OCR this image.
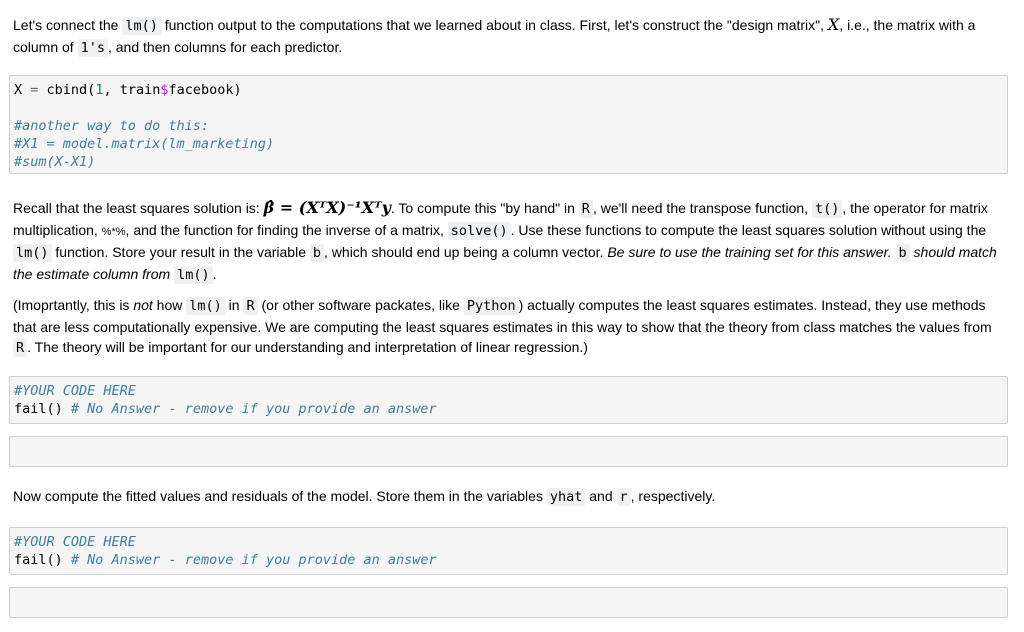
Let's connect the lm() function output to the computations that we learned about in class. First, let's construct the "design matrix", X, i.e., the matrix with a column of 1's , and then columns for each predictor.
X = cbind(1, train$facebook)

#another way to do this:
#X1 = model.matrix(lm_marketing)
#sum(X-X1)
Recall that the least squares solution is: β̂ = (XᵀX)⁻¹Xᵀy. To compute this "by hand" in R , we'll need the transpose function, t() , the operator for matrix multiplication, %*%, and the function for finding the inverse of a matrix, solve() . Use these functions to compute the least squares solution without using the lm() function. Store your result in the variable b , which should end up being a column vector. Be sure to use the training set for this answer. b should match the estimate column from lm() .
(Imoprtantly, this is not how lm() in R (or other software packates, like Python ) actually computes the least squares estimates. Instead, they use methods that are less computationally expensive. We are computing the least squares estimates in this way to show that the theory from class matches the values from R . The theory will be important for our understanding and interpretation of linear regression.)
#YOUR CODE HERE
fail() # No Answer - remove if you provide an answer
Now compute the fitted values and residuals of the model. Store them in the variables yhat and r , respectively.
#YOUR CODE HERE
fail() # No Answer - remove if you provide an answer
